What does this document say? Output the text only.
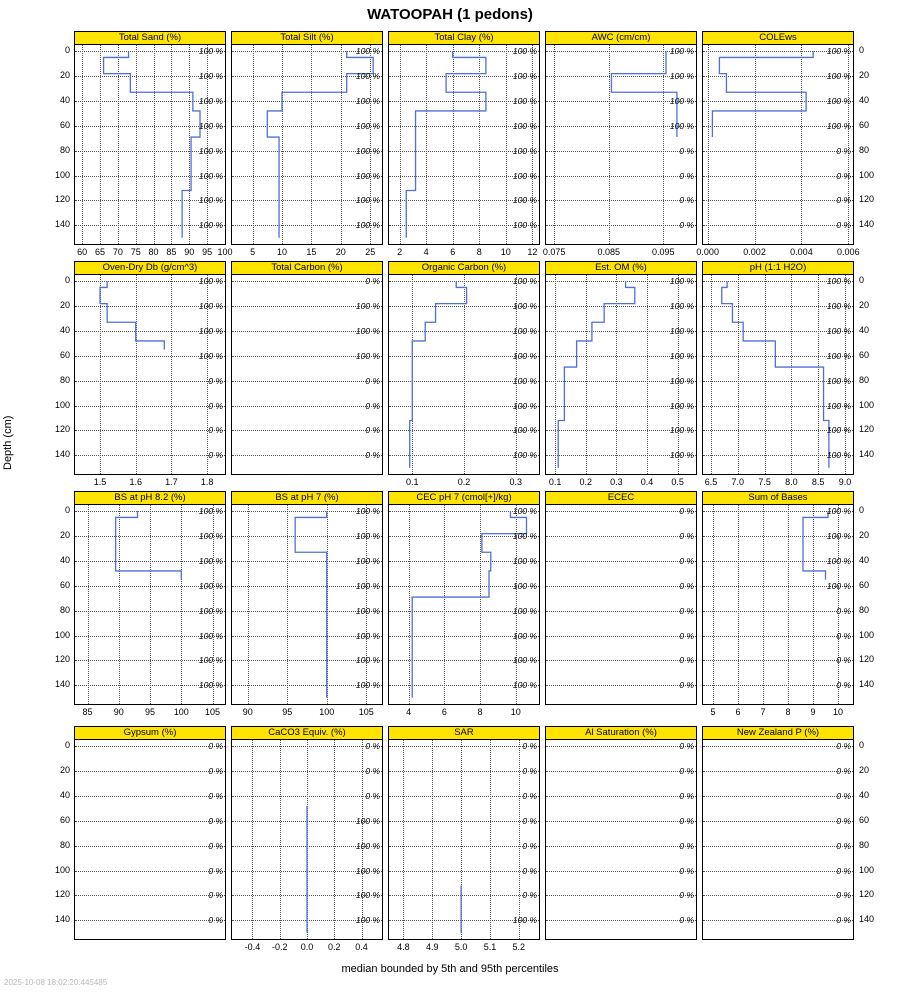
WATOOPAH (1 pedons)
Total Sand (%)
100 %
100 %
100 %
100 %
100 %
100 %
100 %
100 %
60 65 70 75 80 85 90 95 100
Total Silt (%)
100 %
100 %
100 %
100 %
100 %
100 %
100 %
100 %
5	10	15	20	25
Total Clay (%)
100 %
100 %
100 %
100 %
100 %
100 %
100 %
100 %
2	4	6	8	10	12
AWC (cm/cm)
100 %
100 %
100 %
100 %
0 %
0 %
0 %
0 %
0.075	0.085	0.095
COLEws
100 %
100 %
100 %
100 %
0 %
0 %
0 %
0 %
0.000	0.002	0.004	0.006
0	0
20	20
40	40
60	60
80	80
100	100
120	120
140	140
Oven-Dry Db (g/cm^3)
100 %
100 %
100 %
100 %
0 %
0 %
0 %
0 %
1.5	1.6	1.7	1.8
Total Carbon (%)
0 %
100 %
100 %
100 %
0 %
0 %
0 %
0 %
Organic Carbon (%)
100 %
100 %
100 %
100 %
100 %
100 %
100 %
100 %
0.1	0.2	0.3
Est. OM (%)
100 %
100 %
100 %
100 %
100 %
100 %
100 %
100 %
0.1	0.2	0.3	0.4	0.5
pH (1:1 H2O)
100 %
100 %
100 %
100 %
100 %
100 %
100 %
100 %
6.5	7.0	7.5	8.0	8.5	9.0
0	0
20	20
40	40
60	60
80	80
100	100
120	120
140	140
BS at pH 8.2 (%)
100 %
100 %
100 %
100 %
100 %
100 %
100 %
100 %
85	90	95	100	105
BS at pH 7 (%)
100 %
100 %
100 %
100 %
100 %
100 %
100 %
100 %
90	95	100	105
CEC pH 7 (cmol[+]/kg)
100 %
100 %
100 %
100 %
100 %
100 %
100 %
100 %
4	6	8	10
ECEC
0 %
0 %
0 %
0 %
0 %
0 %
0 %
0 %
Sum of Bases
100 %
100 %
100 %
100 %
0 %
0 %
0 %
0 %
5	6	7	8	9	10
0	0
20	20
40	40
60	60
80	80
100	100
120	120
140	140
Gypsum (%)
0 %
0 %
0 %
0 %
0 %
0 %
0 %
0 %
CaCO3 Equiv. (%)
0 %
0 %
0 %
100 %
100 %
100 %
100 %
100 %
-0.4	-0.2	0.0	0.2	0.4
SAR
0 %
0 %
0 %
0 %
0 %
0 %
0 %
100 %
4.8	4.9	5.0	5.1	5.2
Al Saturation (%)
0 %
0 %
0 %
0 %
0 %
0 %
0 %
0 %
New Zealand P (%)
0 %
0 %
0 %
0 %
0 %
0 %
0 %
0 %
0	0
20	20
40	40
60	60
80	80
100	100
120	120
140	140
Depth (cm)
median bounded by 5th and 95th percentiles
2025-10-08 18:02:20.445485
